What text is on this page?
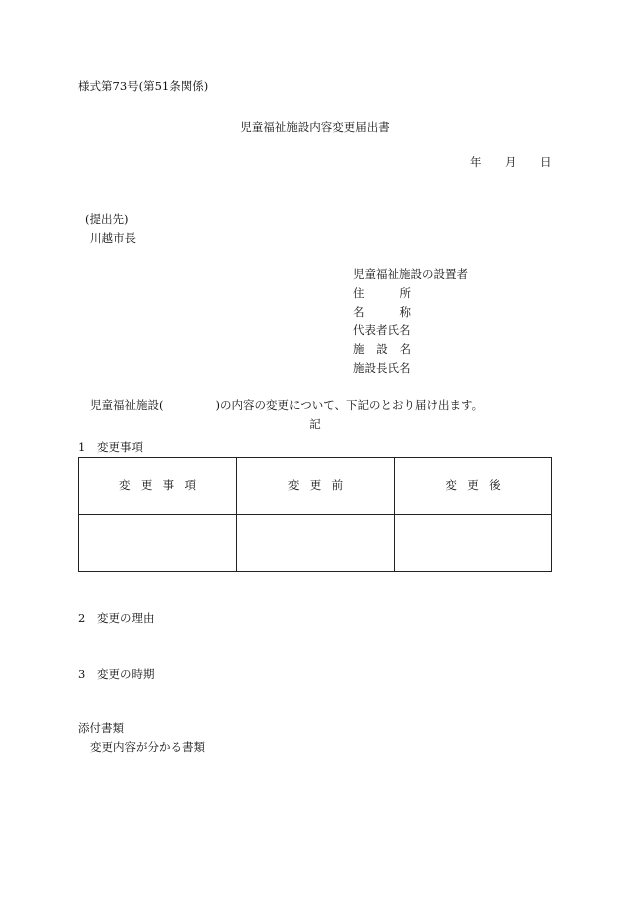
様式第73号(第51条関係)
児童福祉施設内容変更届出書
年 月 日
(提出先)
川越市長
児童福祉施設の設置者
住	所
名	称
代表者氏名
施 設 名
施設長氏名
児童福祉施設(	)の内容の変更について、下記のとおり届け出ます。
記
1 変更事項
変更事項	変更前	変更後
2 変更の理由
3 変更の時期
添付書類
変更内容が分かる書類
